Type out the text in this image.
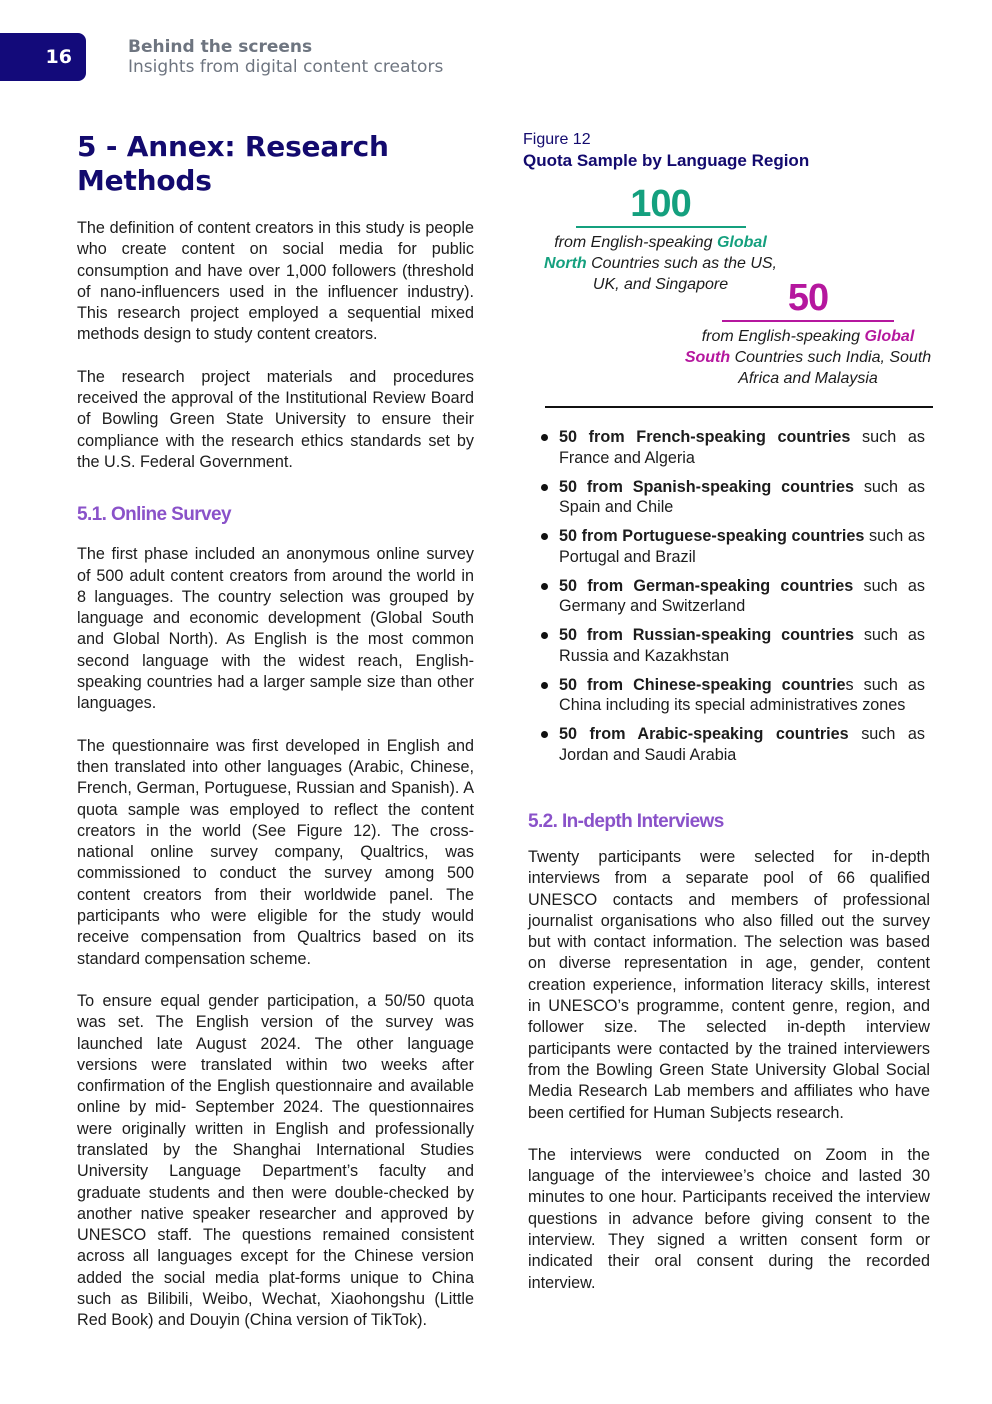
16	Behind the screens
Insights from digital content creators
5 - Annex: Research Methods

The definition of content creators in this study is people who create content on social media for public consumption and have over 1,000 followers (threshold of nano-influencers used in the influencer industry). This research project employed a sequential mixed methods design to study content creators.

The research project materials and procedures received the approval of the Institutional Review Board of Bowling Green State University to ensure their compliance with the research ethics standards set by the U.S. Federal Government.

5.1. Online Survey

The first phase included an anonymous online survey of 500 adult content creators from around the world in 8 languages. The country selection was grouped by language and economic development (Global South and Global North). As English is the most common second language with the widest reach, English-speaking countries had a larger sample size than other languages.

The questionnaire was first developed in English and then translated into other languages (Arabic, Chinese, French, German, Portuguese, Russian and Spanish). A quota sample was employed to reflect the content creators in the world (See Figure 12). The cross-national online survey company, Qualtrics, was commissioned to conduct the survey among 500 content creators from their worldwide panel. The participants who were eligible for the study would receive compensation from Qualtrics based on its standard compensation scheme.

To ensure equal gender participation, a 50/50 quota was set. The English version of the survey was launched late August 2024. The other language versions were translated within two weeks after confirmation of the English questionnaire and available online by mid- September 2024. The questionnaires were originally written in English and professionally translated by the Shanghai International Studies University Language Department’s faculty and graduate students and then were double-checked by another native speaker researcher and approved by UNESCO staff. The questions remained consistent across all languages except for the Chinese version added the social media plat-forms unique to China such as Bilibili, Weibo, Wechat, Xiaohongshu (Little Red Book) and Douyin (China version of TikTok).

Figure 12
Quota Sample by Language Region
100
from English-speaking Global North Countries such as the US, UK, and Singapore	50
from English-speaking Global South Countries such India, South Africa and Malaysia
50 from French-speaking countries such as France and Algeria
50 from Spanish-speaking countries such as Spain and Chile
50 from Portuguese-speaking countries such as Portugal and Brazil
50 from German-speaking countries such as Germany and Switzerland
50 from Russian-speaking countries such as Russia and Kazakhstan
50 from Chinese-speaking countries such as China including its special administratives zones
50 from Arabic-speaking countries such as Jordan and Saudi Arabia
5.2. In-depth Interviews

Twenty participants were selected for in-depth interviews from a separate pool of 66 qualified UNESCO contacts and members of professional journalist organisations who also filled out the survey but with contact information. The selection was based on diverse representation in age, gender, content creation experience, information literacy skills, interest in UNESCO’s programme, content genre, region, and follower size. The selected in-depth interview participants were contacted by the trained interviewers from the Bowling Green State University Global Social Media Research Lab members and affiliates who have been certified for Human Subjects research.

The interviews were conducted on Zoom in the language of the interviewee’s choice and lasted 30 minutes to one hour. Participants received the interview questions in advance before giving consent to the interview. They signed a written consent form or indicated their oral consent during the recorded interview.
